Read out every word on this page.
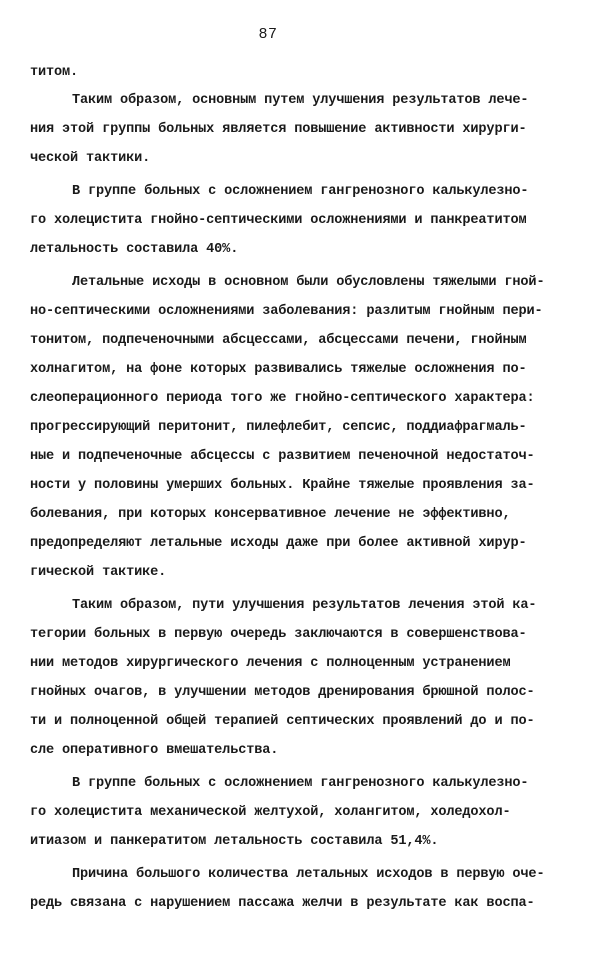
87
титом.
Таким образом, основным путем улучшения результатов лече-
ния этой группы больных является повышение активности хирурги-
ческой тактики.
В группе больных с осложнением гангренозного калькулезно-
го холецистита гнойно-септическими осложнениями и панкреатитом
летальность составила 40%.
Летальные исходы в основном были обусловлены тяжелыми гной-
но-септическими осложнениями заболевания: разлитым гнойным пери-
тонитом, подпеченочными абсцессами, абсцессами печени, гнойным
холнагитом, на фоне которых развивались тяжелые осложнения по-
слеоперационного периода того же гнойно-септического характера:
прогрессирующий перитонит, пилефлебит, сепсис, поддиафрагмаль-
ные и подпеченочные абсцессы с развитием печеночной недостаточ-
ности у половины умерших больных. Крайне тяжелые проявления за-
болевания, при которых консервативное лечение не эффективно,
предопределяют летальные исходы даже при более активной хирур-
гической тактике.
Таким образом, пути улучшения результатов лечения этой ка-
тегории больных в первую очередь заключаются в совершенствова-
нии методов хирургического лечения с полноценным устранением
гнойных очагов, в улучшении методов дренирования брюшной полос-
ти и полноценной общей терапией септических проявлений до и по-
сле оперативного вмешательства.
В группе больных с осложнением гангренозного калькулезно-
го холецистита механической желтухой, холангитом, холедохол-
итиазом и панкератитом летальность составила 51,4%.
Причина большого количества летальных исходов в первую оче-
редь связана с нарушением пассажа желчи в результате как воспа-
